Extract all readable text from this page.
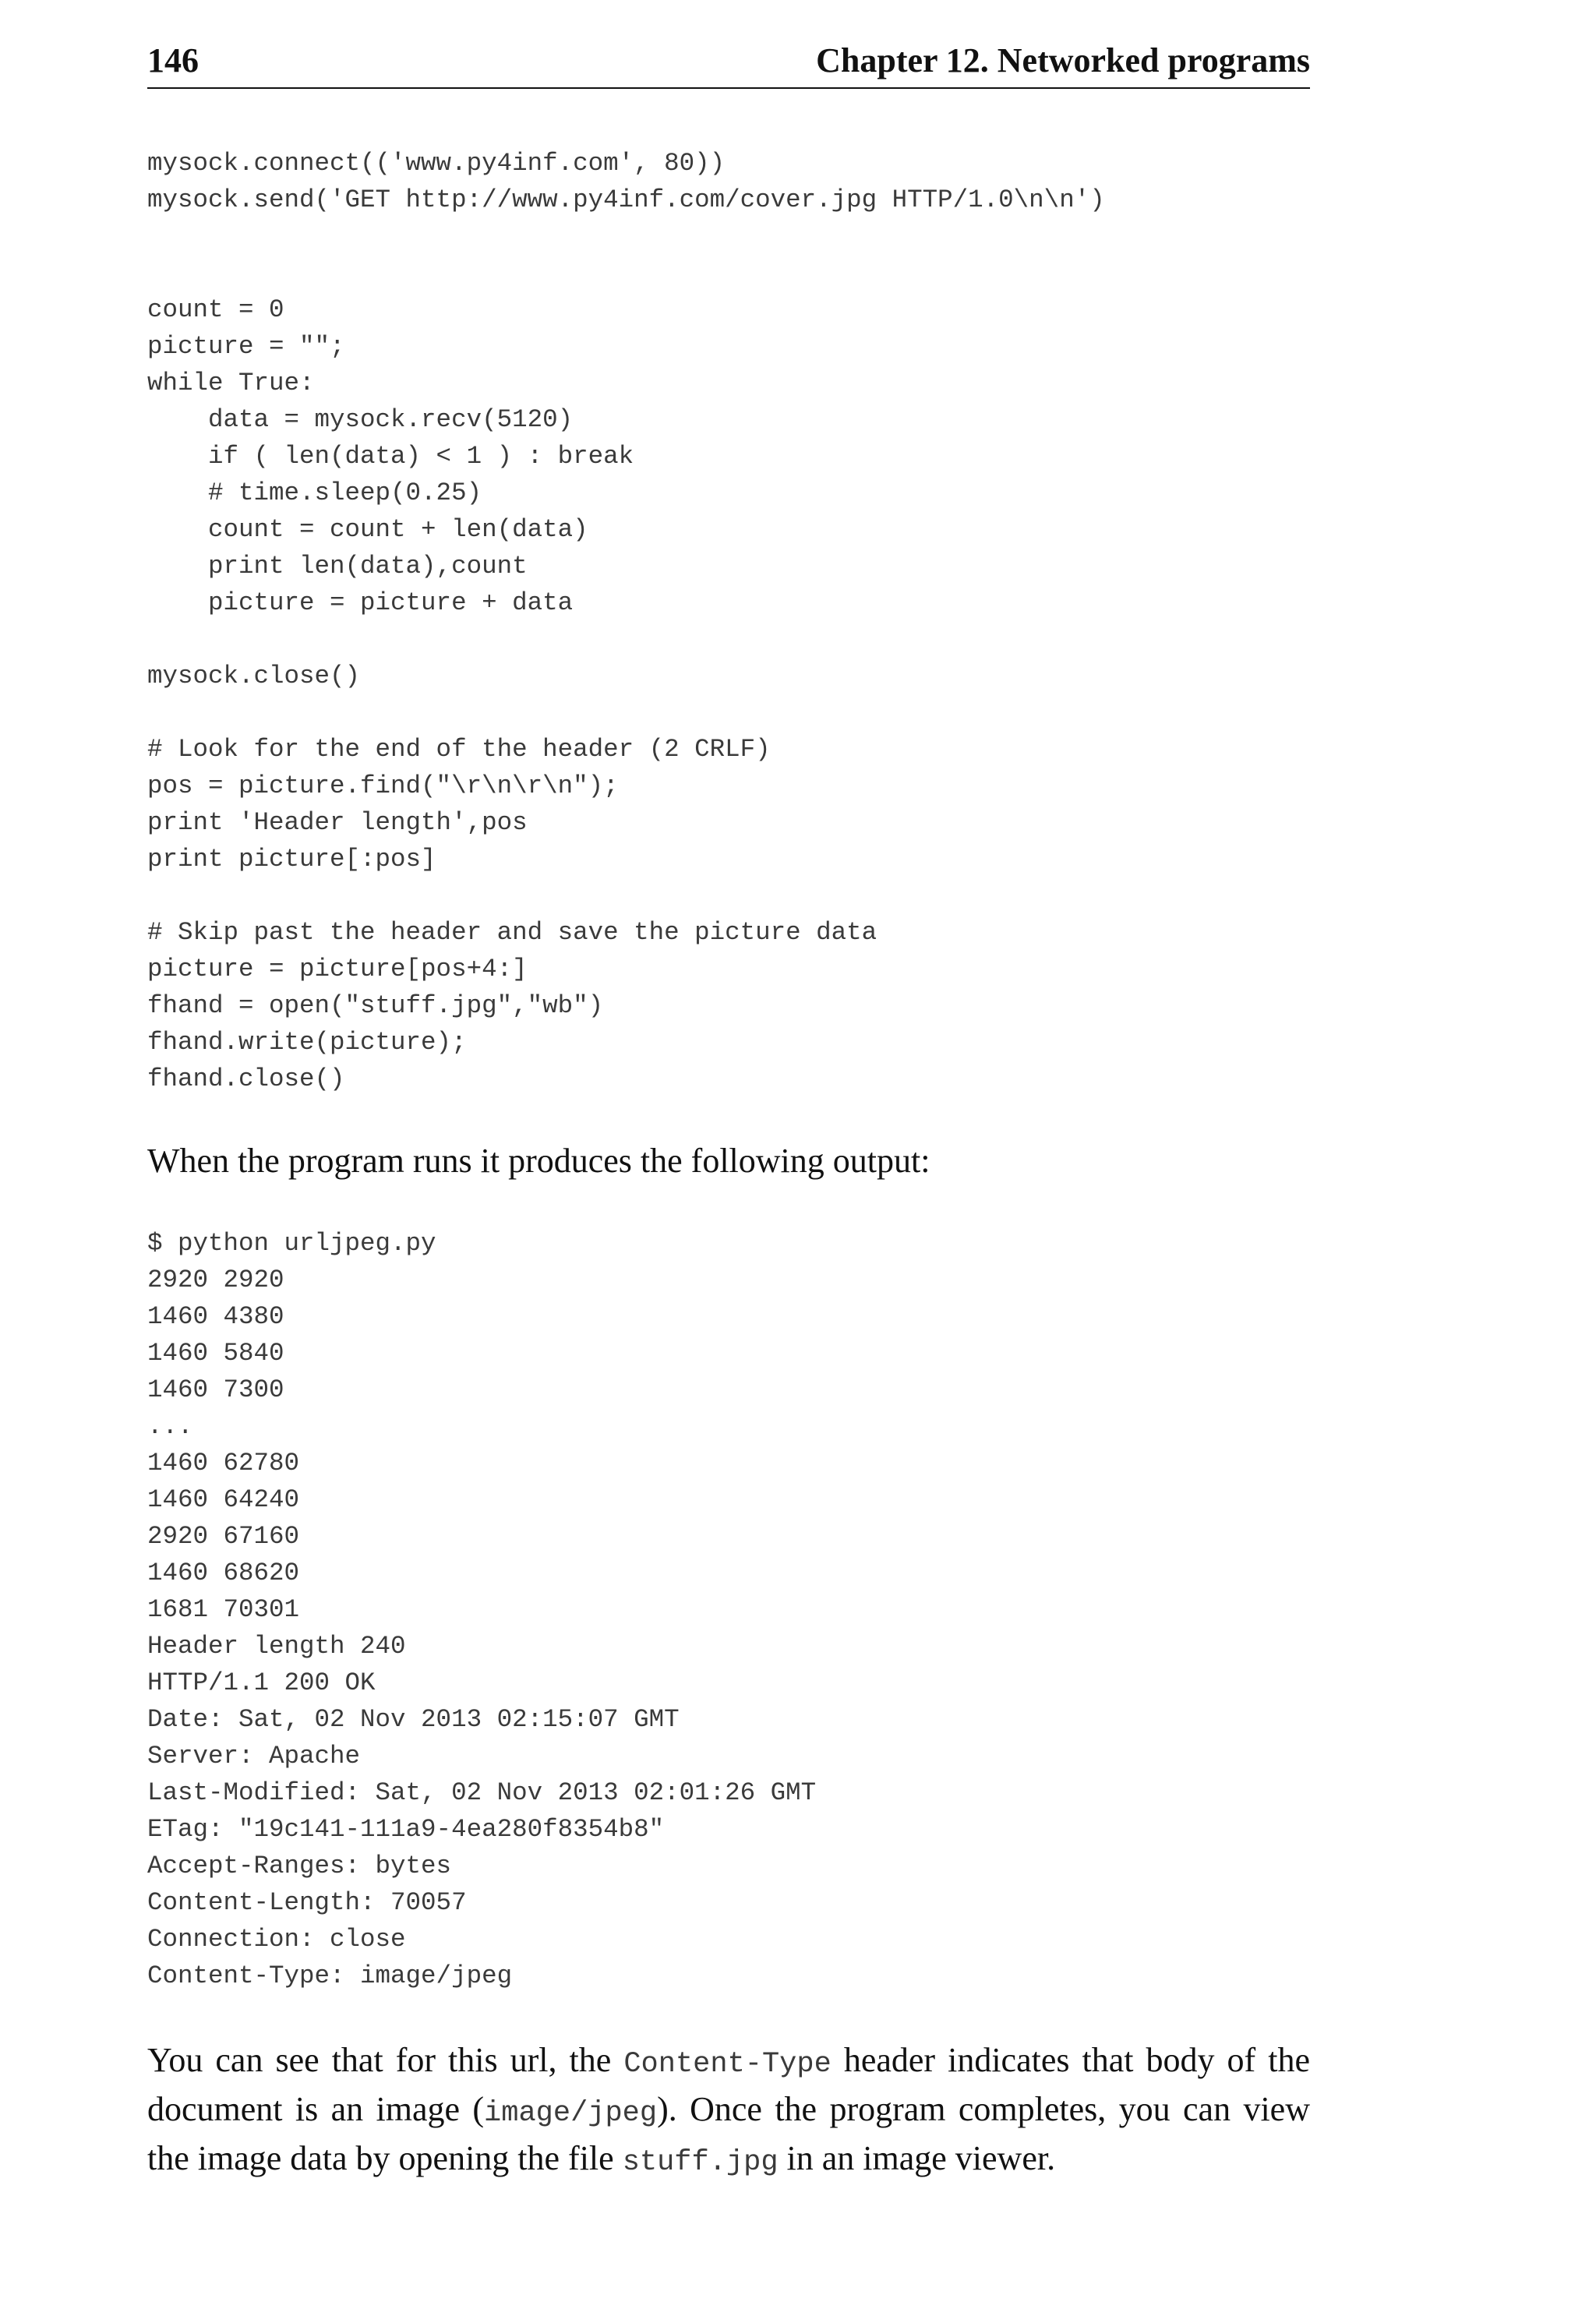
146	Chapter 12. Networked programs
mysock.connect(('www.py4inf.com', 80))
mysock.send('GET http://www.py4inf.com/cover.jpg HTTP/1.0\n\n')
count = 0
picture = "";
while True:
data = mysock.recv(5120)
if ( len(data) < 1 ) : break
# time.sleep(0.25)
count = count + len(data)
print len(data),count
picture = picture + data
mysock.close()
# Look for the end of the header (2 CRLF)
pos = picture.find("\r\n\r\n");
print 'Header length',pos
print picture[:pos]
# Skip past the header and save the picture data
picture = picture[pos+4:]
fhand = open("stuff.jpg","wb")
fhand.write(picture);
fhand.close()

When the program runs it produces the following output:

$ python urljpeg.py
2920 2920
1460 4380
1460 5840
1460 7300
...
1460 62780
1460 64240
2920 67160
1460 68620
1681 70301
Header length 240
HTTP/1.1 200 OK
Date: Sat, 02 Nov 2013 02:15:07 GMT
Server: Apache
Last-Modified: Sat, 02 Nov 2013 02:01:26 GMT
ETag: "19c141-111a9-4ea280f8354b8"
Accept-Ranges: bytes
Content-Length: 70057
Connection: close
Content-Type: image/jpeg

You can see that for this url, the Content-Type header indicates that body of the document is an image (image/jpeg). Once the program completes, you can view the image data by opening the file stuff.jpg in an image viewer.
